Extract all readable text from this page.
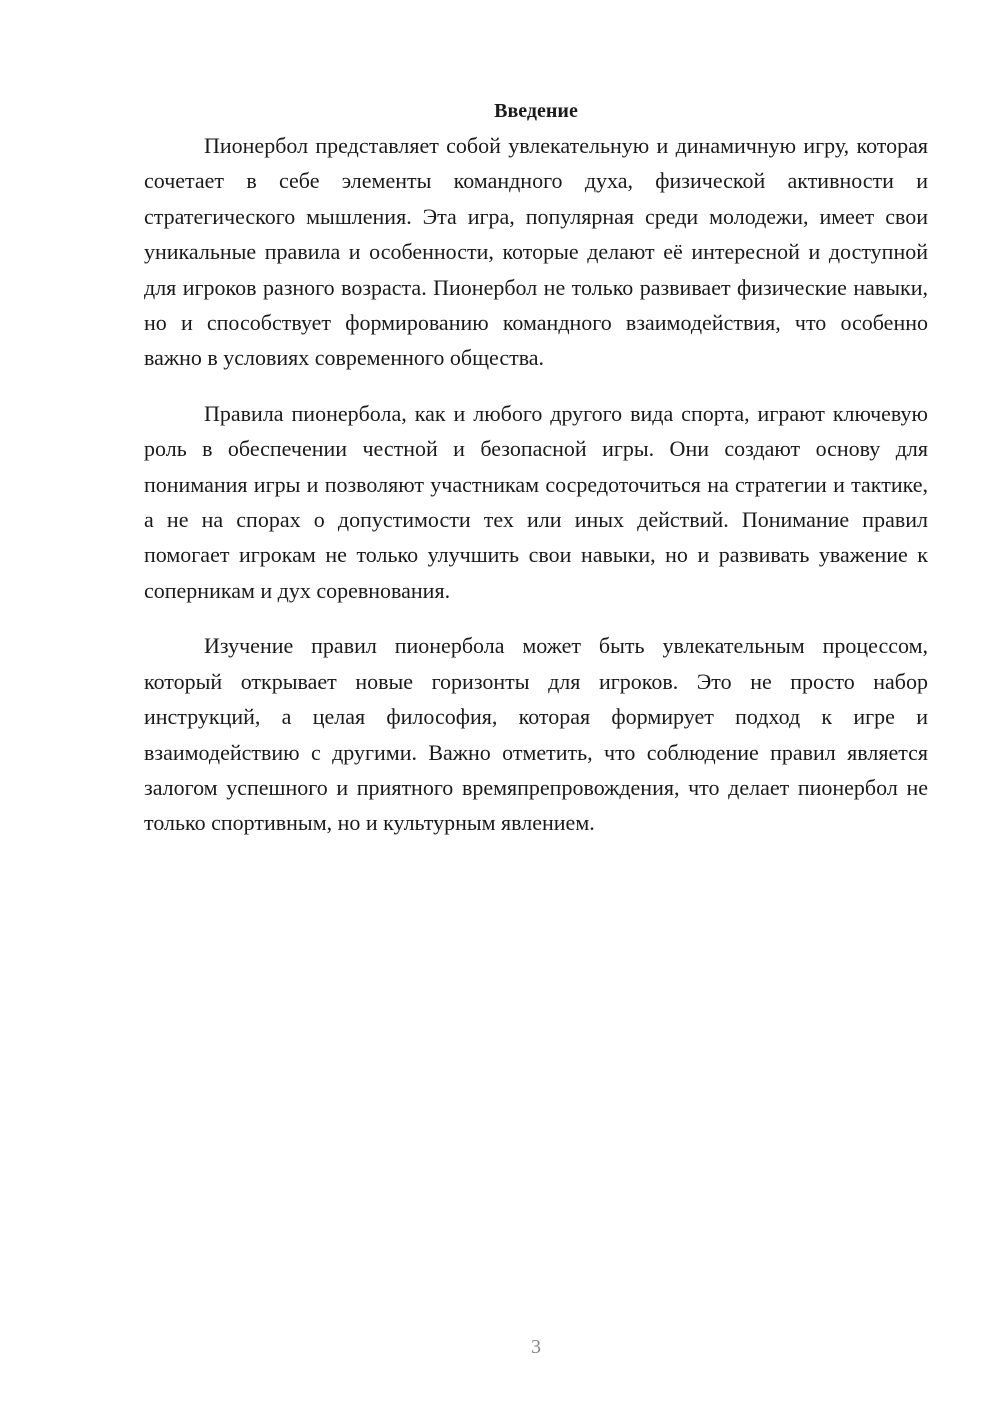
Введение

Пионербол представляет собой увлекательную и динамичную игру, которая сочетает в себе элементы командного духа, физической активности и стратегического мышления. Эта игра, популярная среди молодежи, имеет свои уникальные правила и особенности, которые делают её интересной и доступной для игроков разного возраста. Пионербол не только развивает физические навыки, но и способствует формированию командного взаимодействия, что особенно важно в условиях современного общества.

Правила пионербола, как и любого другого вида спорта, играют ключевую роль в обеспечении честной и безопасной игры. Они создают основу для понимания игры и позволяют участникам сосредоточиться на стратегии и тактике, а не на спорах о допустимости тех или иных действий. Понимание правил помогает игрокам не только улучшить свои навыки, но и развивать уважение к соперникам и дух соревнования.

Изучение правил пионербола может быть увлекательным процессом, который открывает новые горизонты для игроков. Это не просто набор инструкций, а целая философия, которая формирует подход к игре и взаимодействию с другими. Важно отметить, что соблюдение правил является залогом успешного и приятного времяпрепровождения, что делает пионербол не только спортивным, но и культурным явлением.

3
